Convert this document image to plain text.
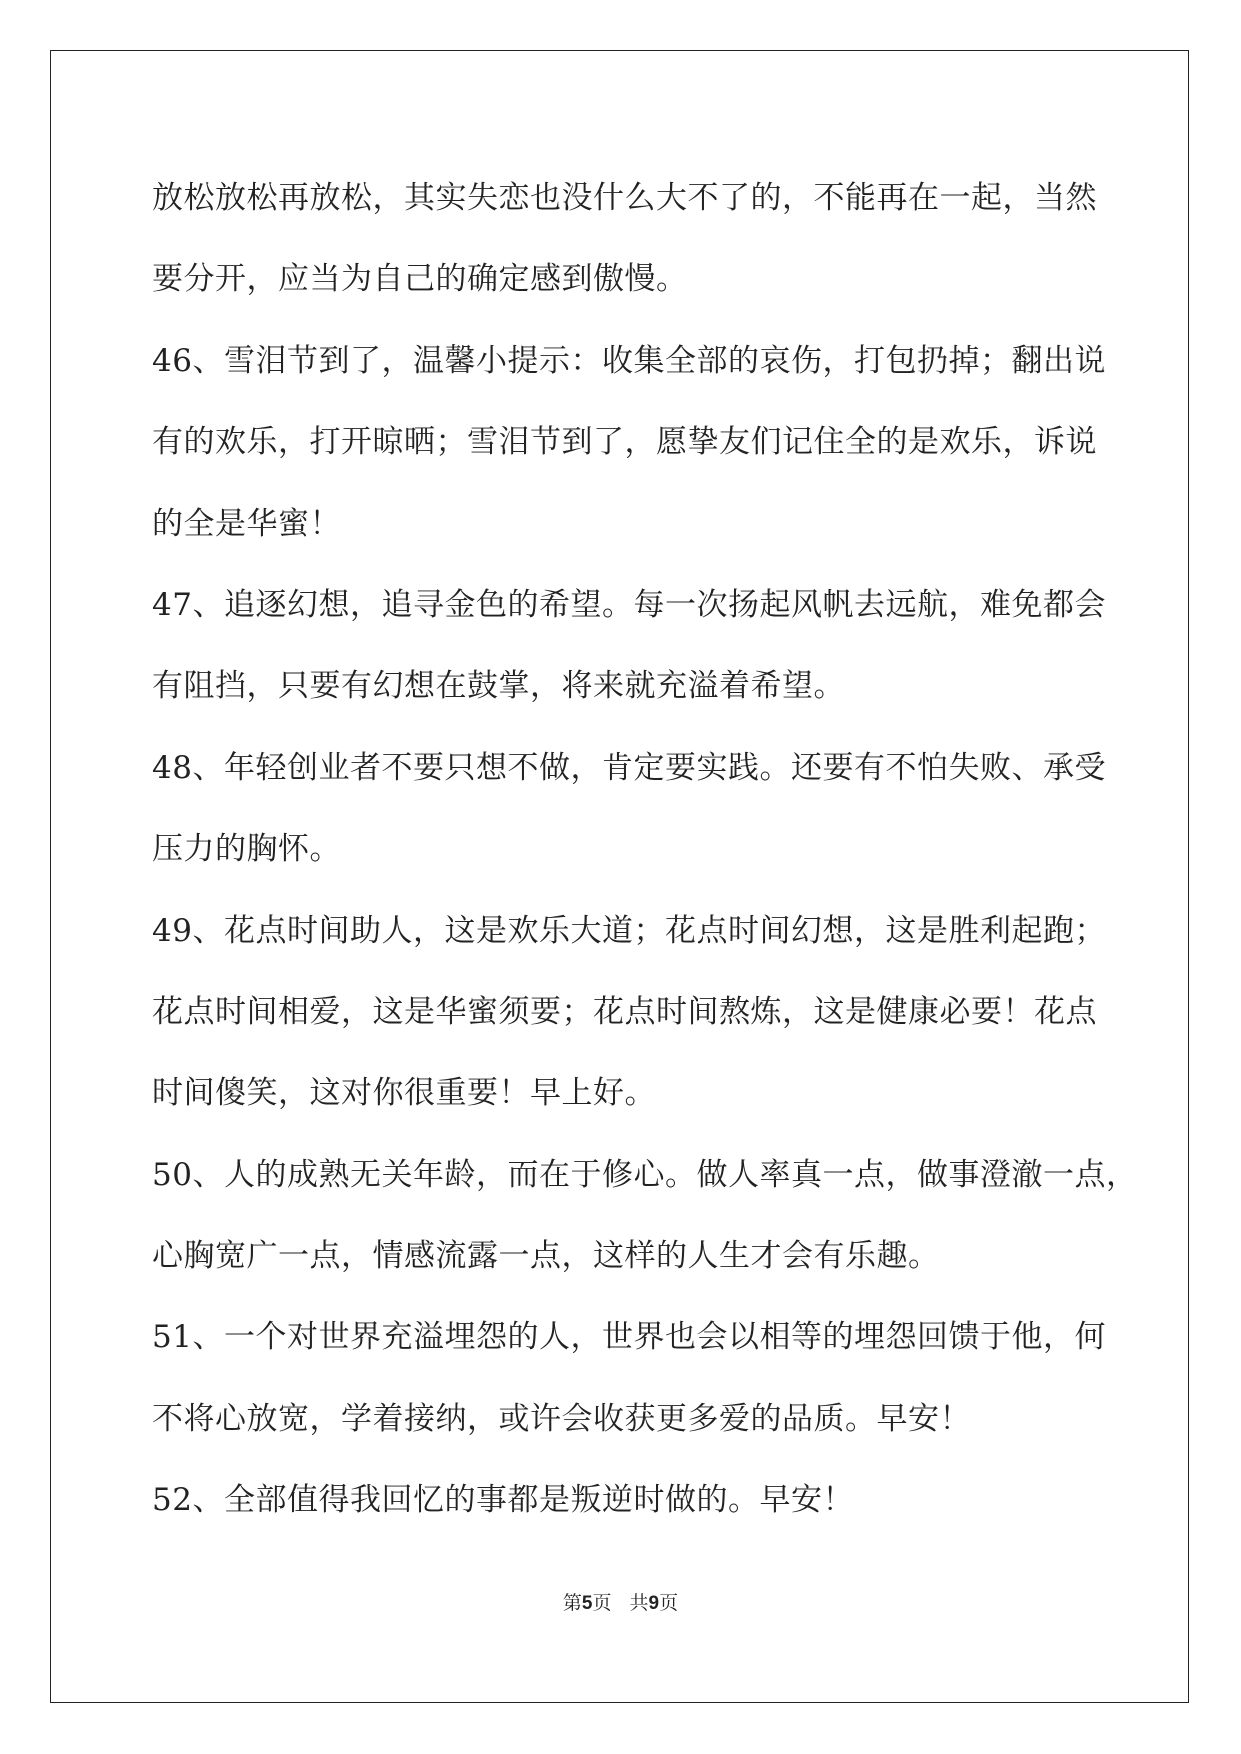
放松放松再放松，其实失恋也没什么大不了的，不能再在一起，当然
要分开，应当为自己的确定感到傲慢。
46、雪泪节到了，温馨小提示：收集全部的哀伤，打包扔掉；翻出说
有的欢乐，打开晾晒；雪泪节到了，愿挚友们记住全的是欢乐，诉说
的全是华蜜！
47、追逐幻想，追寻金色的希望。每一次扬起风帆去远航，难免都会
有阻挡，只要有幻想在鼓掌，将来就充溢着希望。
48、年轻创业者不要只想不做，肯定要实践。还要有不怕失败、承受
压力的胸怀。
49、花点时间助人，这是欢乐大道；花点时间幻想，这是胜利起跑；
花点时间相爱，这是华蜜须要；花点时间熬炼，这是健康必要！花点
时间傻笑，这对你很重要！早上好。
50、人的成熟无关年龄，而在于修心。做人率真一点，做事澄澈一点，
心胸宽广一点，情感流露一点，这样的人生才会有乐趣。
51、一个对世界充溢埋怨的人，世界也会以相等的埋怨回馈于他，何
不将心放宽，学着接纳，或许会收获更多爱的品质。早安！
52、全部值得我回忆的事都是叛逆时做的。早安！
第5页 共9页
